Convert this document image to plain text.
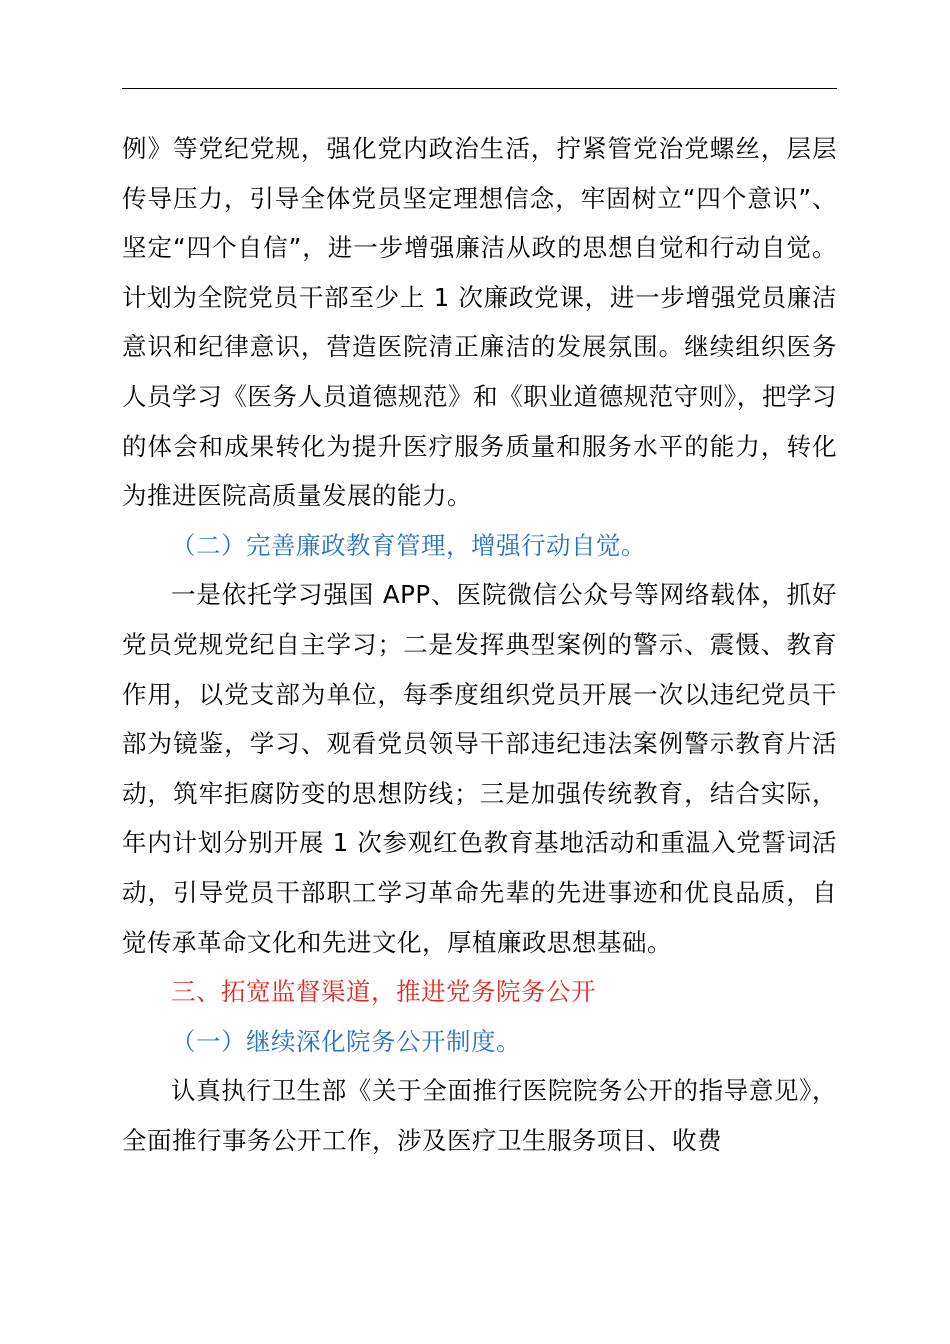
例》等党纪党规，强化党内政治生活，拧紧管党治党螺丝，层层传导压力，引导全体党员坚定理想信念，牢固树立“四个意识”、坚定“四个自信”，进一步增强廉洁从政的思想自觉和行动自觉。计划为全院党员干部至少上 1 次廉政党课，进一步增强党员廉洁意识和纪律意识，营造医院清正廉洁的发展氛围。继续组织医务人员学习《医务人员道德规范》和《职业道德规范守则》，把学习的体会和成果转化为提升医疗服务质量和服务水平的能力，转化为推进医院高质量发展的能力。

（二）完善廉政教育管理，增强行动自觉。

一是依托学习强国 APP、医院微信公众号等网络载体，抓好党员党规党纪自主学习；二是发挥典型案例的警示、震慑、教育作用，以党支部为单位，每季度组织党员开展一次以违纪党员干部为镜鉴，学习、观看党员领导干部违纪违法案例警示教育片活动，筑牢拒腐防变的思想防线；三是加强传统教育，结合实际，年内计划分别开展 1 次参观红色教育基地活动和重温入党誓词活动，引导党员干部职工学习革命先辈的先进事迹和优良品质，自觉传承革命文化和先进文化，厚植廉政思想基础。

三、拓宽监督渠道，推进党务院务公开

（一）继续深化院务公开制度。

认真执行卫生部《关于全面推行医院院务公开的指导意见》，全面推行事务公开工作，涉及医疗卫生服务项目、收费
